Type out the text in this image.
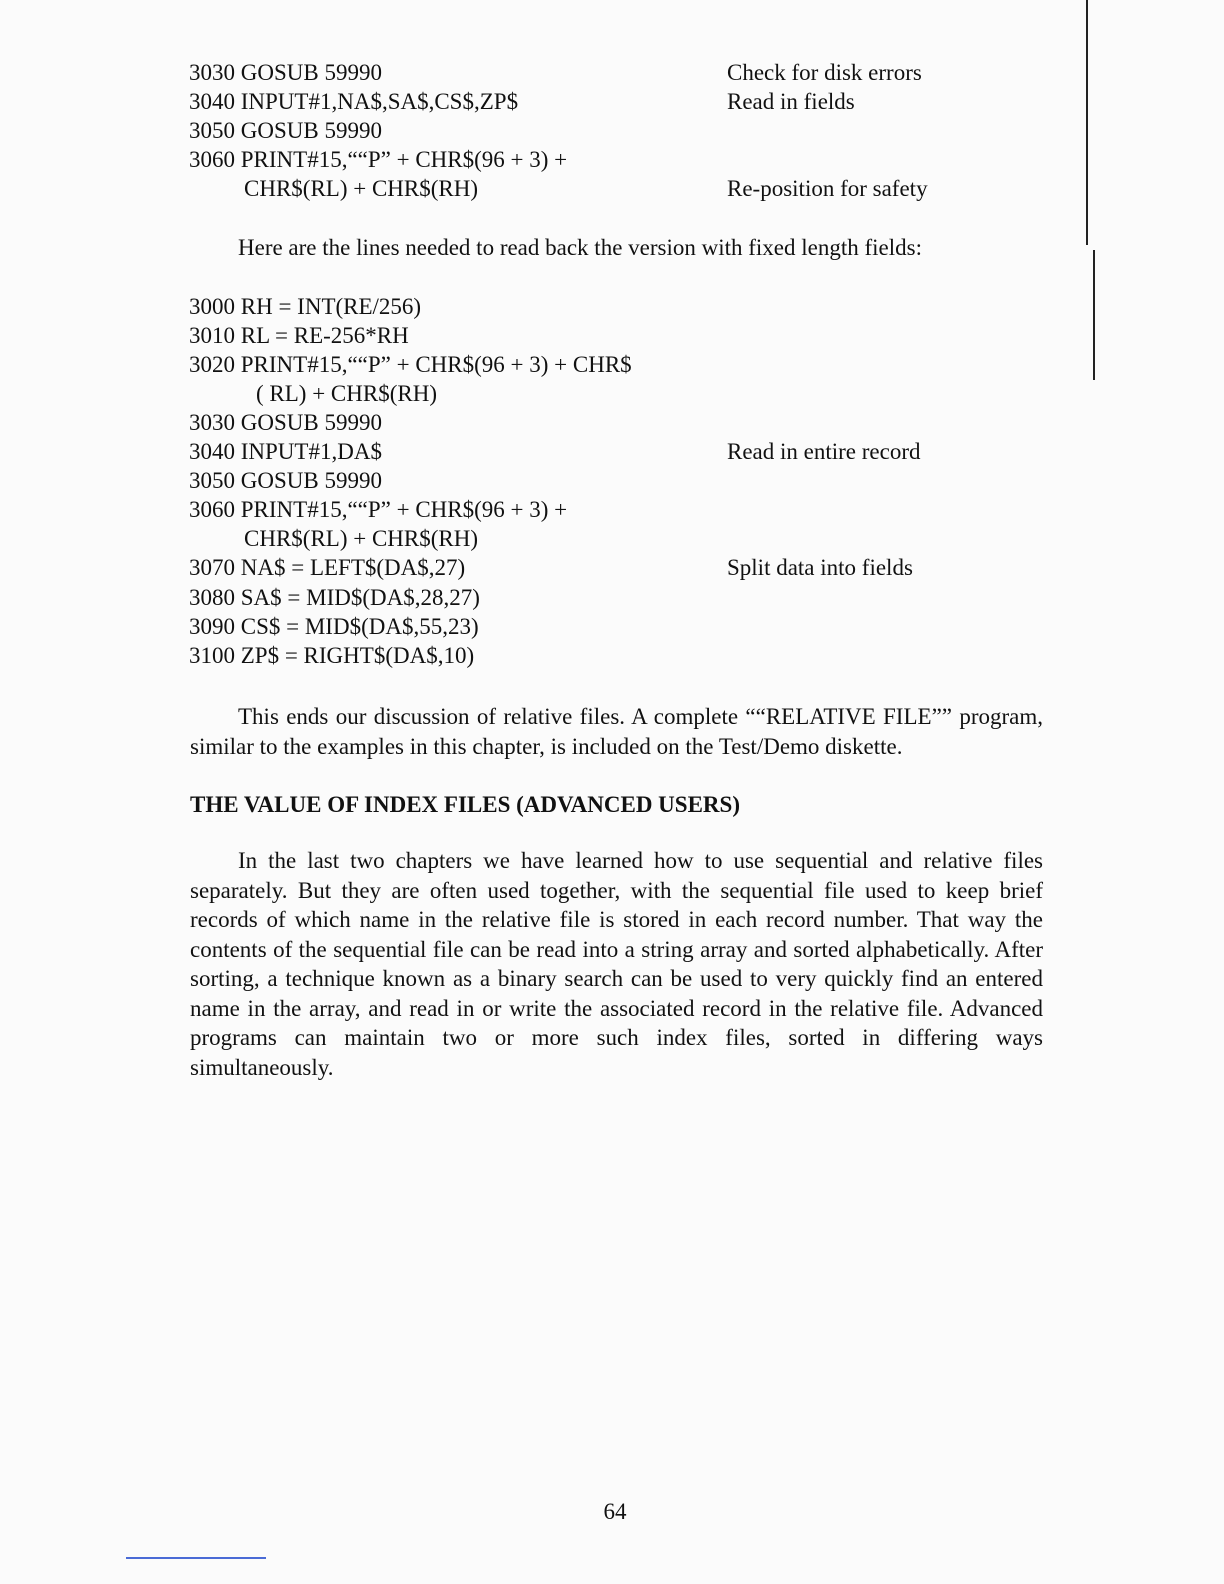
3030 GOSUB 59990	Check for disk errors
3040 INPUT#1,NA$,SA$,CS$,ZP$	Read in fields
3050 GOSUB 59990
3060 PRINT#15,““P” + CHR$(96 + 3) +
CHR$(RL) + CHR$(RH)	Re-position for safety
Here are the lines needed to read back the version with fixed length fields:
3000 RH = INT(RE/256)
3010 RL = RE-256*RH
3020 PRINT#15,““P” + CHR$(96 + 3) + CHR$
( RL) + CHR$(RH)
3030 GOSUB 59990
3040 INPUT#1,DA$	Read in entire record
3050 GOSUB 59990
3060 PRINT#15,““P” + CHR$(96 + 3) +
CHR$(RL) + CHR$(RH)
3070 NA$ = LEFT$(DA$,27)	Split data into fields
3080 SA$ = MID$(DA$,28,27)
3090 CS$ = MID$(DA$,55,23)
3100 ZP$ = RIGHT$(DA$,10)
This ends our discussion of relative files. A complete ““RELATIVE FILE”” program, similar to the examples in this chapter, is included on the Test/Demo diskette.
THE VALUE OF INDEX FILES (ADVANCED USERS)
In the last two chapters we have learned how to use sequential and relative files separately. But they are often used together, with the sequential file used to keep brief records of which name in the relative file is stored in each record number. That way the contents of the sequential file can be read into a string array and sorted alphabetically. After sorting, a technique known as a binary search can be used to very quickly find an entered name in the array, and read in or write the associated record in the relative file. Advanced programs can maintain two or more such index files, sorted in differing ways simultaneously.
64
